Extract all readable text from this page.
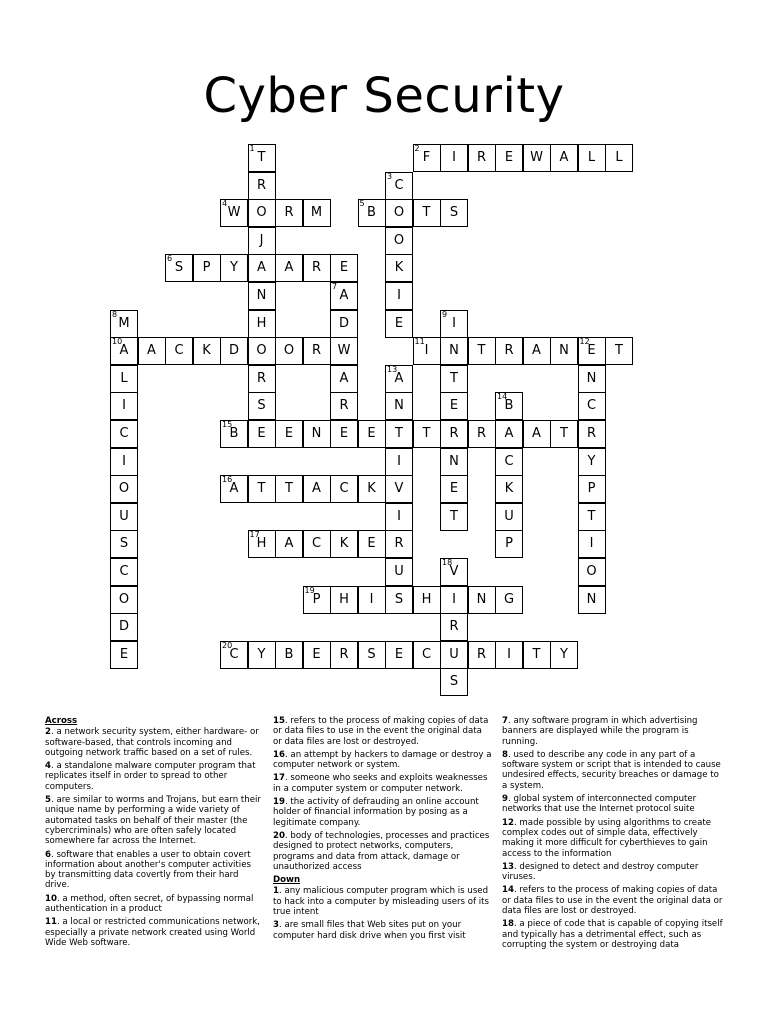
Cyber Security
1
T
R
O
J
A
N
H
O
R
S
E
2
F	I	R	E	W	A	L	L
3
C
O
O
K
I
E
4
W	R	M
5
B	T	S
6
S	P	Y	A	R	E
7
A
D
W
A
R
E
8
M
10
A
L
I
C
I
O
U
S
C
O
D
E
9
I
N
T
E
R
N
E
T
A	C	K	D	O	R
11
I	T	R	A	N
12
E	T
N
C
R
Y
P
T
I
O
N
13
A
N
T
I
V
I
R
U
S
14
B
A
C
K
U
P
15
B	E	N	E	T	R	A	T
16
A	T	T	A	C	K
17
H	A	C	K	E
18
V
I
R
U
S
19
P	H	I	H	N	G
20
C	Y	B	E	R	S	E	C	R	I	T	Y
Across
2. a network security system, either hardware- or software-based, that controls incoming and outgoing network traffic based on a set of rules.
4. a standalone malware computer program that replicates itself in order to spread to other computers.
5. are similar to worms and Trojans, but earn their unique name by performing a wide variety of automated tasks on behalf of their master (the cybercriminals) who are often safely located somewhere far across the Internet.
6. software that enables a user to obtain covert information about another's computer activities by transmitting data covertly from their hard drive.
10. a method, often secret, of bypassing normal authentication in a product
11. a local or restricted communications network, especially a private network created using World Wide Web software.
15. refers to the process of making copies of data or data files to use in the event the original data or data files are lost or destroyed.
16. an attempt by hackers to damage or destroy a computer network or system.
17. someone who seeks and exploits weaknesses in a computer system or computer network.
19. the activity of defrauding an online account holder of financial information by posing as a legitimate company.
20. body of technologies, processes and practices designed to protect networks, computers, programs and data from attack, damage or unauthorized access
Down
1. any malicious computer program which is used to hack into a computer by misleading users of its true intent
3. are small files that Web sites put on your computer hard disk drive when you first visit
7. any software program in which advertising banners are displayed while the program is running.
8. used to describe any code in any part of a software system or script that is intended to cause undesired effects, security breaches or damage to a system.
9. global system of interconnected computer networks that use the Internet protocol suite
12. made possible by using algorithms to create complex codes out of simple data, effectively making it more difficult for cyberthieves to gain access to the information
13. designed to detect and destroy computer viruses.
14. refers to the process of making copies of data or data files to use in the event the original data or data files are lost or destroyed.
18. a piece of code that is capable of copying itself and typically has a detrimental effect, such as corrupting the system or destroying data
